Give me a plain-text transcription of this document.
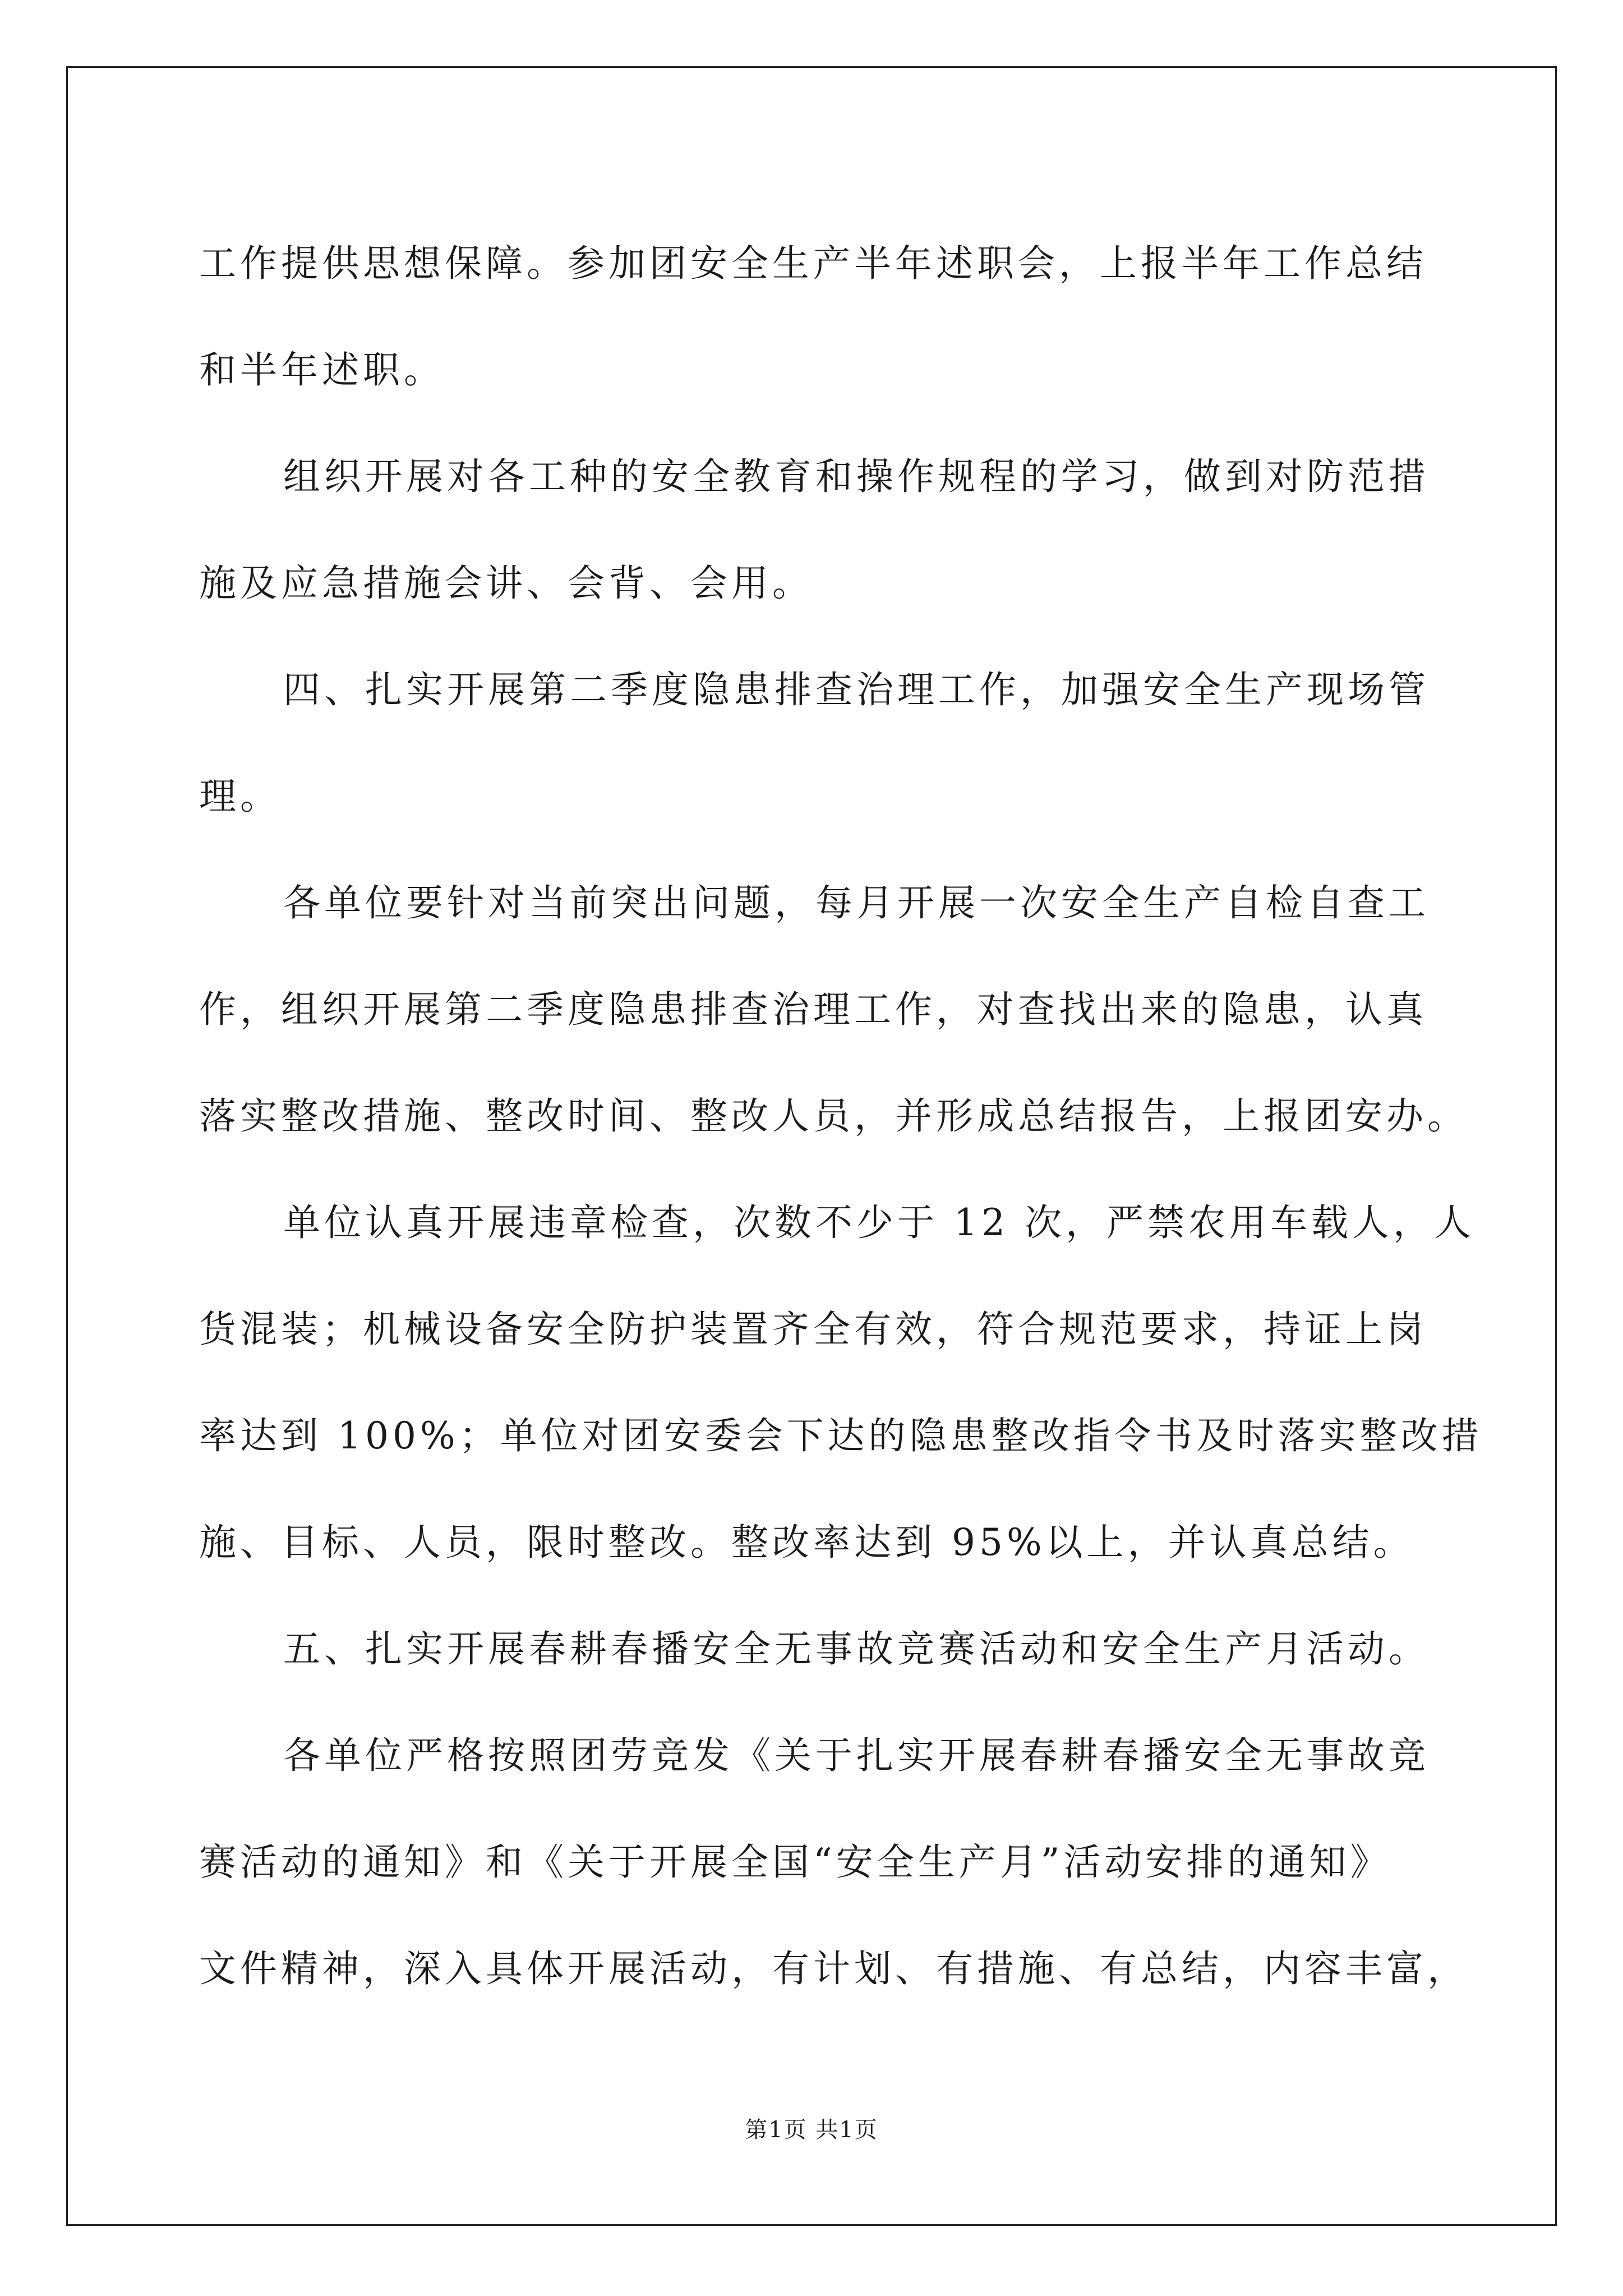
工作提供思想保障。参加团安全生产半年述职会，上报半年工作总结
和半年述职。
组织开展对各工种的安全教育和操作规程的学习，做到对防范措
施及应急措施会讲、会背、会用。
四、扎实开展第二季度隐患排查治理工作，加强安全生产现场管
理。
各单位要针对当前突出问题，每月开展一次安全生产自检自查工
作，组织开展第二季度隐患排查治理工作，对查找出来的隐患，认真
落实整改措施、整改时间、整改人员，并形成总结报告，上报团安办。
单位认真开展违章检查，次数不少于 12 次，严禁农用车载人，人
货混装；机械设备安全防护装置齐全有效，符合规范要求，持证上岗
率达到 100%；单位对团安委会下达的隐患整改指令书及时落实整改措
施、目标、人员，限时整改。整改率达到 95%以上，并认真总结。
五、扎实开展春耕春播安全无事故竞赛活动和安全生产月活动。
各单位严格按照团劳竞发《关于扎实开展春耕春播安全无事故竞
赛活动的通知》和《关于开展全国“安全生产月”活动安排的通知》
文件精神，深入具体开展活动，有计划、有措施、有总结，内容丰富，
第1页 共1页
